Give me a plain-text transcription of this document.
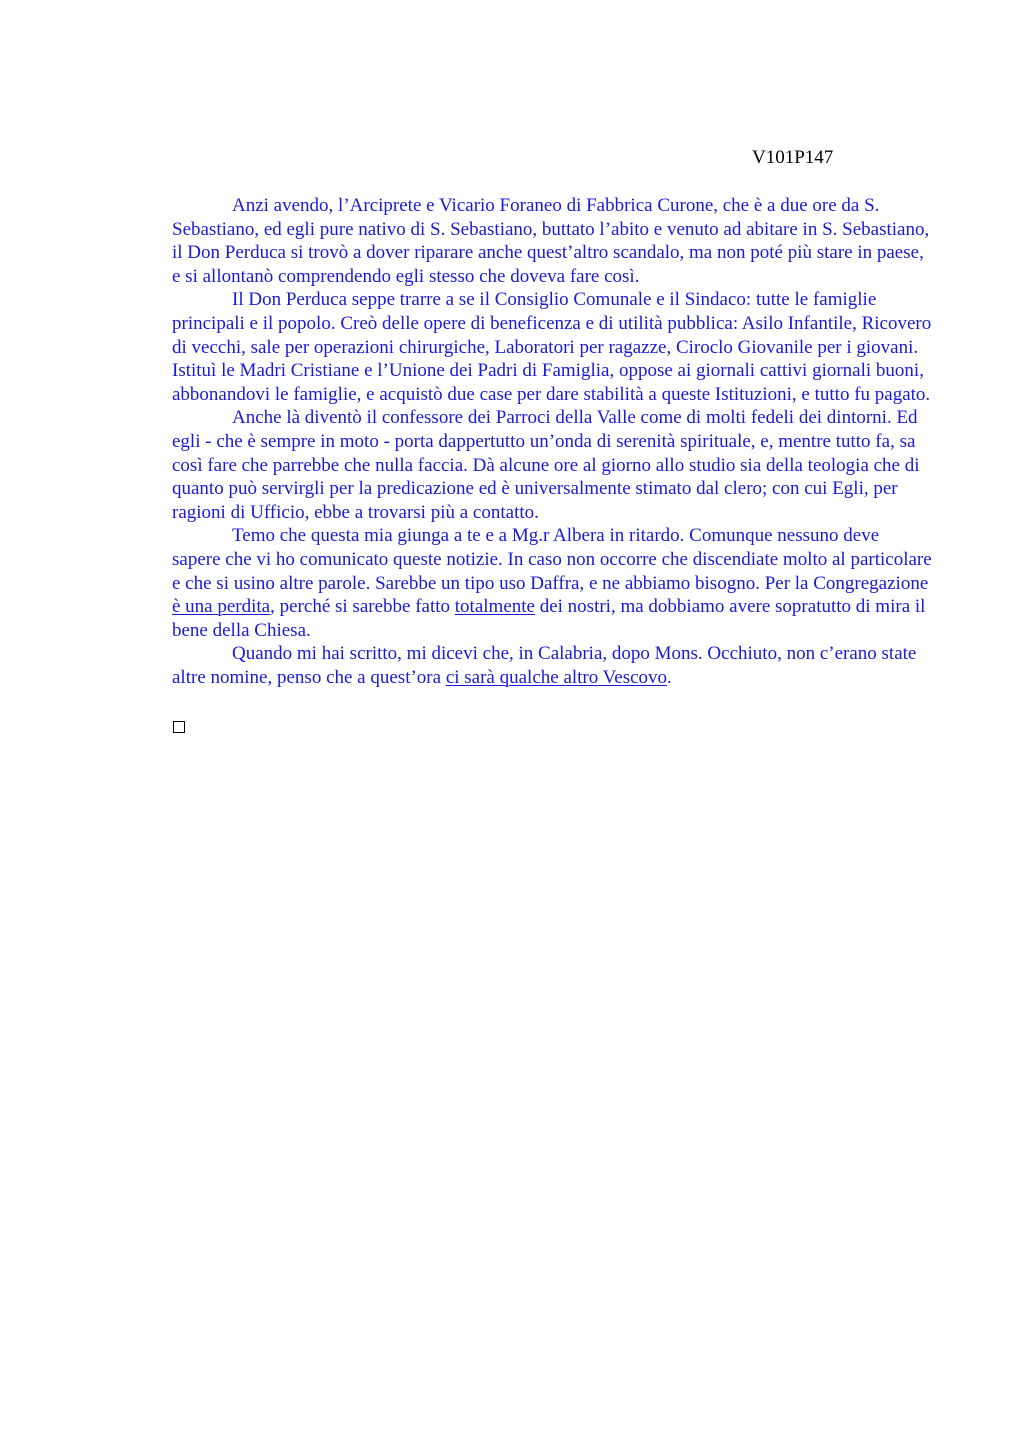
V101P147

Anzi avendo, l’Arciprete e Vicario Foraneo di Fabbrica Curone, che è a due ore da S. Sebastiano, ed egli pure nativo di S. Sebastiano, buttato l’abito e venuto ad abitare in S. Sebastiano, il Don Perduca si trovò a dover riparare anche quest’altro scandalo, ma non poté più stare in paese, e si allontanò comprendendo egli stesso che doveva fare così.

Il Don Perduca seppe trarre a se il Consiglio Comunale e il Sindaco: tutte le famiglie principali e il popolo. Creò delle opere di beneficenza e di utilità pubblica: Asilo Infantile, Ricovero di vecchi, sale per operazioni chirurgiche, Laboratori per ragazze, Ciroclo Giovanile per i giovani. Istituì le Madri Cristiane e l’Unione dei Padri di Famiglia, oppose ai giornali cattivi giornali buoni, abbonandovi le famiglie, e acquistò due case per dare stabilità a queste Istituzioni, e tutto fu pagato.

Anche là diventò il confessore dei Parroci della Valle come di molti fedeli dei dintorni. Ed egli - che è sempre in moto - porta dappertutto un’onda di serenità spirituale, e, mentre tutto fa, sa così fare che parrebbe che nulla faccia. Dà alcune ore al giorno allo studio sia della teologia che di quanto può servirgli per la predicazione ed è universalmente stimato dal clero; con cui Egli, per ragioni di Ufficio, ebbe a trovarsi più a contatto.

Temo che questa mia giunga a te e a Mg.r Albera in ritardo. Comunque nessuno deve sapere che vi ho comunicato queste notizie. In caso non occorre che discendiate molto al particolare e che si usino altre parole. Sarebbe un tipo uso Daffra, e ne abbiamo bisogno. Per la Congregazione è una perdita, perché si sarebbe fatto totalmente dei nostri, ma dobbiamo avere sopratutto di mira il bene della Chiesa.

Quando mi hai scritto, mi dicevi che, in Calabria, dopo Mons. Occhiuto, non c’erano state altre nomine, penso che a quest’ora ci sarà qualche altro Vescovo.
